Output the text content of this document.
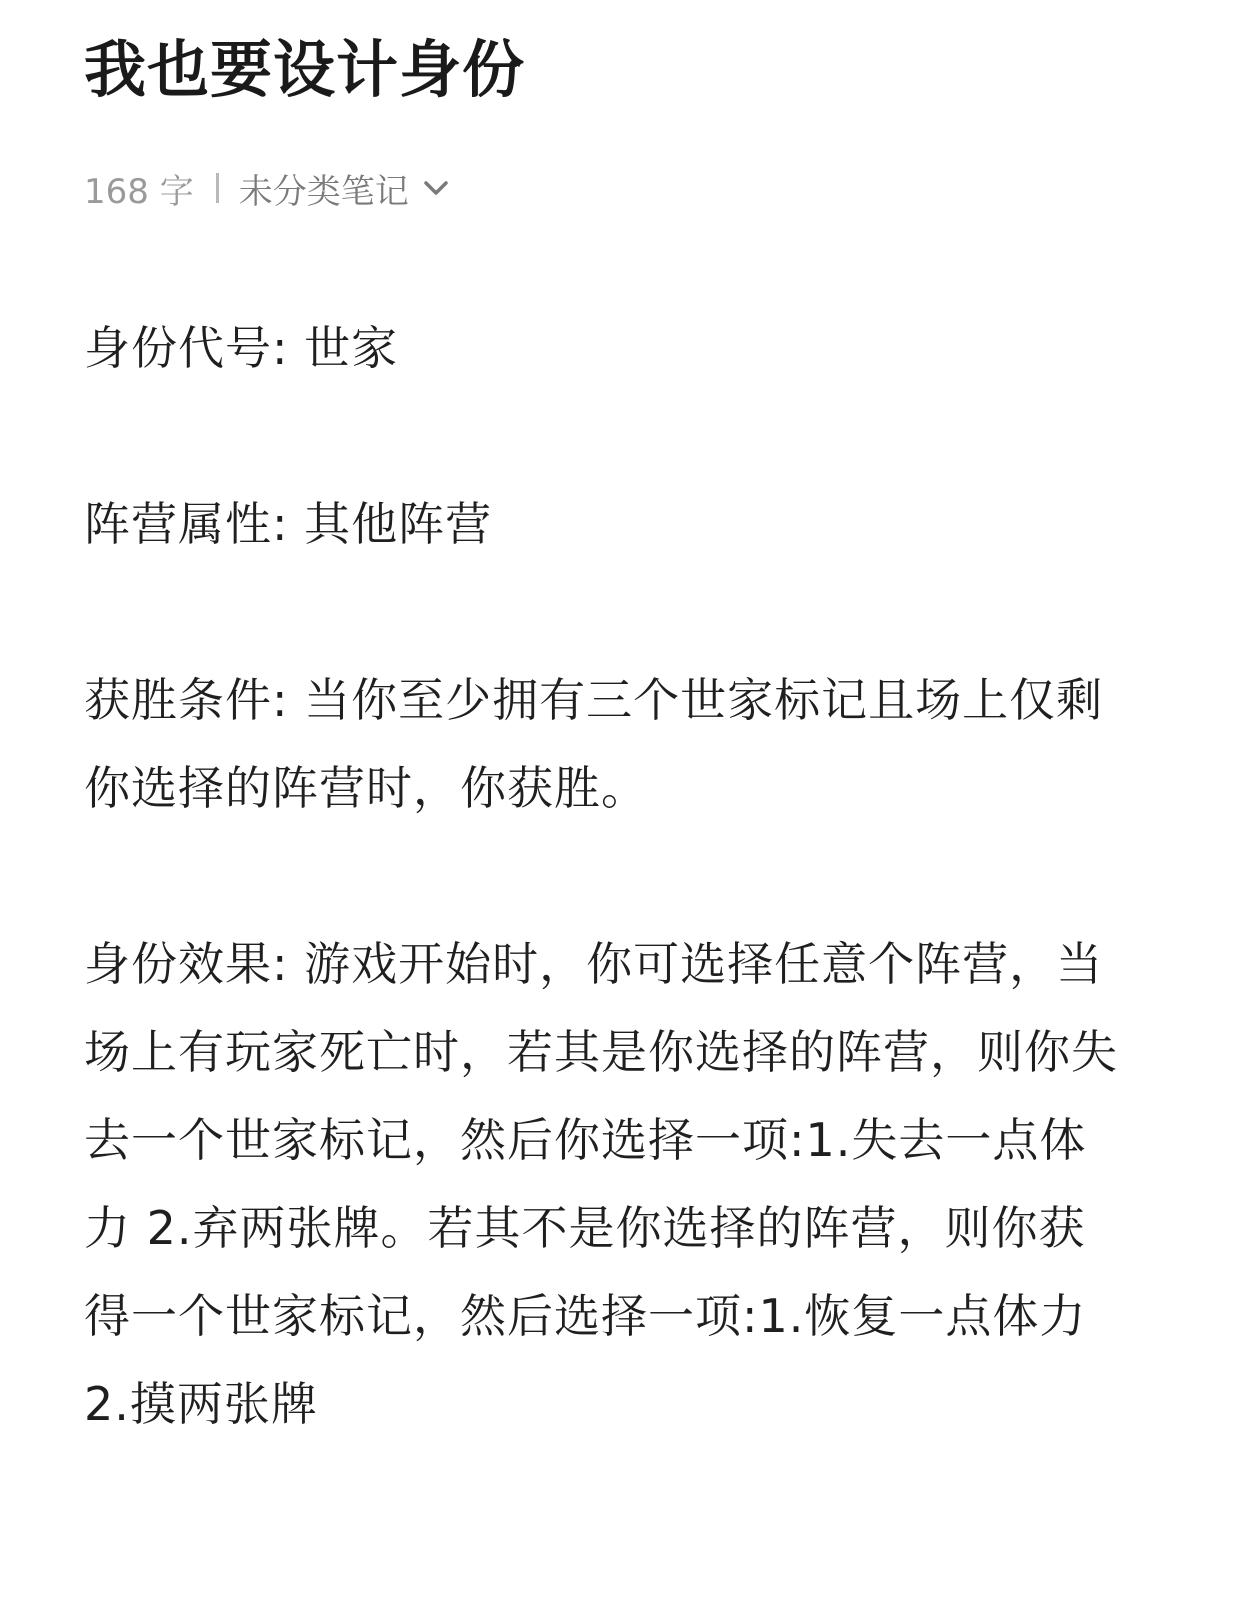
我也要设计身份
168 字 未分类笔记

身份代号: 世家

阵营属性: 其他阵营

获胜条件: 当你至少拥有三个世家标记且场上仅剩你选择的阵营时，你获胜。

身份效果: 游戏开始时，你可选择任意个阵营，当场上有玩家死亡时，若其是你选择的阵营，则你失去一个世家标记，然后你选择一项:1.失去一点体力 2.弃两张牌。若其不是你选择的阵营，则你获得一个世家标记，然后选择一项:1.恢复一点体力 2.摸两张牌
